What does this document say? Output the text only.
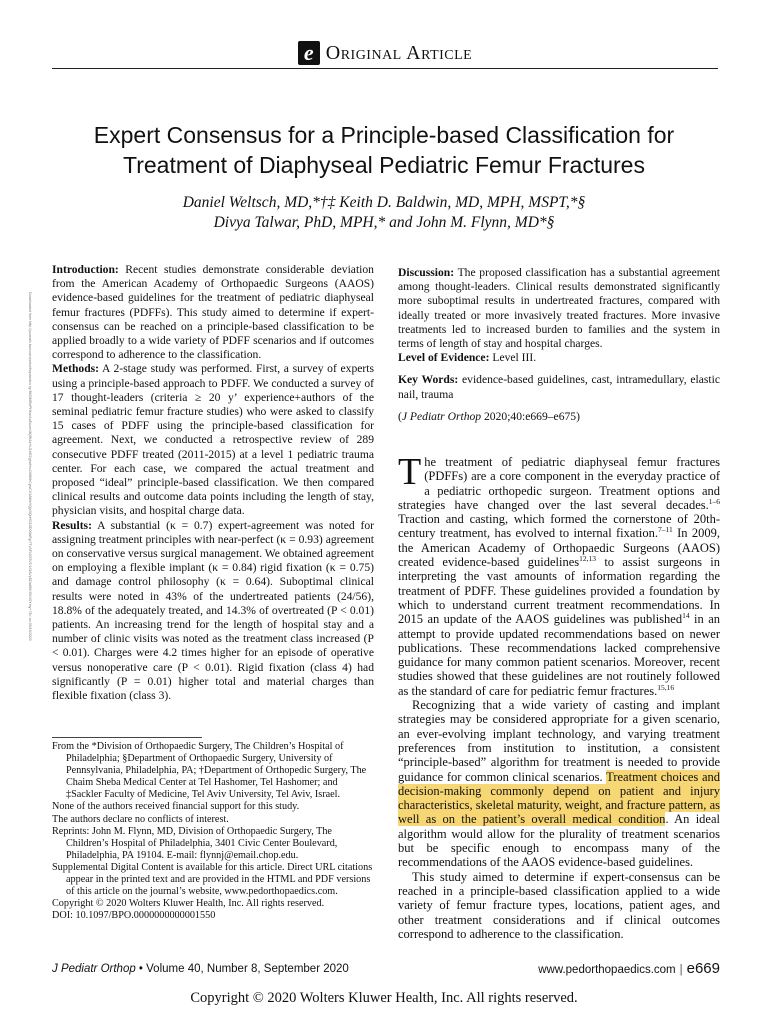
e Original Article
Expert Consensus for a Principle-based Classification for
Treatment of Diaphyseal Pediatric Femur Fractures
Daniel Weltsch, MD,*†‡ Keith D. Baldwin, MD, MPH, MSPT,*§
Divya Talwar, PhD, MPH,* and John M. Flynn, MD*§
Downloaded from http://journals.lww.com/pedorthopaedics by BhDMf5ePHKav1zEoum1tQfN4a+kJLhEZgbsIHo4XMi0hCywCX1AWnYQp/IlQrHD3i3D0OdRyi7TvSFl4Cf3VC4/OAVpDDa8KKGKV0Ymy+78= on 09/19/2020

Introduction: Recent studies demonstrate considerable deviation from the American Academy of Orthopaedic Surgeons (AAOS) evidence-based guidelines for the treatment of pediatric diaphyseal femur fractures (PDFFs). This study aimed to determine if expert-consensus can be reached on a principle-based classification to be applied broadly to a wide variety of PDFF scenarios and if outcomes correspond to adherence to the classification.

Methods: A 2-stage study was performed. First, a survey of experts using a principle-based approach to PDFF. We conducted a survey of 17 thought-leaders (criteria ≥ 20 y’ experience+authors of the seminal pediatric femur fracture studies) who were asked to classify 15 cases of PDFF using the principle-based classification for agreement. Next, we conducted a retrospective review of 289 consecutive PDFF treated (2011-2015) at a level 1 pediatric trauma center. For each case, we compared the actual treatment and proposed “ideal” principle-based classification. We then compared clinical results and outcome data points including the length of stay, physician visits, and hospital charge data.

Results: A substantial (κ = 0.7) expert-agreement was noted for assigning treatment principles with near-perfect (κ = 0.93) agreement on conservative versus surgical management. We obtained agreement on employing a flexible implant (κ = 0.84) rigid fixation (κ = 0.75) and damage control philosophy (κ = 0.64). Suboptimal clinical results were noted in 43% of the undertreated patients (24/56), 18.8% of the adequately treated, and 14.3% of overtreated (P < 0.01) patients. An increasing trend for the length of hospital stay and a number of clinic visits was noted as the treatment class increased (P < 0.01). Charges were 4.2 times higher for an episode of operative versus nonoperative care (P < 0.01). Rigid fixation (class 4) had significantly (P = 0.01) higher total and material charges than flexible fixation (class 3).

Discussion: The proposed classification has a substantial agreement among thought-leaders. Clinical results demonstrated significantly more suboptimal results in undertreated fractures, compared with ideally treated or more invasively treated fractures. More invasive treatments led to increased burden to families and the system in terms of length of stay and hospital charges.

Level of Evidence: Level III.

Key Words: evidence-based guidelines, cast, intramedullary, elastic nail, trauma

(J Pediatr Orthop 2020;40:e669–e675)

From the *Division of Orthopaedic Surgery, The Children’s Hospital of Philadelphia; §Department of Orthopaedic Surgery, University of Pennsylvania, Philadelphia, PA; †Department of Orthopedic Surgery, The Chaim Sheba Medical Center at Tel Hashomer, Tel Hashomer; and ‡Sackler Faculty of Medicine, Tel Aviv University, Tel Aviv, Israel.

None of the authors received financial support for this study.

The authors declare no conflicts of interest.

Reprints: John M. Flynn, MD, Division of Orthopaedic Surgery, The Children’s Hospital of Philadelphia, 3401 Civic Center Boulevard, Philadelphia, PA 19104. E-mail: flynnj@email.chop.edu.

Supplemental Digital Content is available for this article. Direct URL citations appear in the printed text and are provided in the HTML and PDF versions of this article on the journal’s website, www.pedorthopaedics.com.

Copyright © 2020 Wolters Kluwer Health, Inc. All rights reserved.

DOI: 10.1097/BPO.0000000000001550

The treatment of pediatric diaphyseal femur fractures (PDFFs) are a core component in the everyday practice of a pediatric orthopedic surgeon. Treatment options and strategies have changed over the last several decades.$^{1-6}$ Traction and casting, which formed the cornerstone of 20th-century treatment, has evolved to internal fixation.$^{7-11}$ In 2009, the American Academy of Orthopaedic Surgeons (AAOS) created evidence-based guidelines$^{12,13}$ to assist surgeons in interpreting the vast amounts of information regarding the treatment of PDFF. These guidelines provided a foundation by which to understand current treatment recommendations. In 2015 an update of the AAOS guidelines was published$^{14}$ in an attempt to provide updated recommendations based on newer publications. These recommendations lacked comprehensive guidance for many common patient scenarios. Moreover, recent studies showed that these guidelines are not routinely followed as the standard of care for pediatric femur fractures.$^{15,16}$

Recognizing that a wide variety of casting and implant strategies may be considered appropriate for a given scenario, an ever-evolving implant technology, and varying treatment preferences from institution to institution, a consistent “principle-based” algorithm for treatment is needed to provide guidance for common clinical scenarios. Treatment choices and decision-making commonly depend on patient and injury characteristics, skeletal maturity, weight, and fracture pattern, as well as on the patient’s overall medical condition. An ideal algorithm would allow for the plurality of treatment scenarios but be specific enough to encompass many of the recommendations of the AAOS evidence-based guidelines.

This study aimed to determine if expert-consensus can be reached in a principle-based classification applied to a wide variety of femur fracture types, locations, patient ages, and other treatment considerations and if clinical outcomes correspond to adherence to the classification.

J Pediatr Orthop • Volume 40, Number 8, September 2020	www.pedorthopaedics.com | e669
Copyright © 2020 Wolters Kluwer Health, Inc. All rights reserved.
